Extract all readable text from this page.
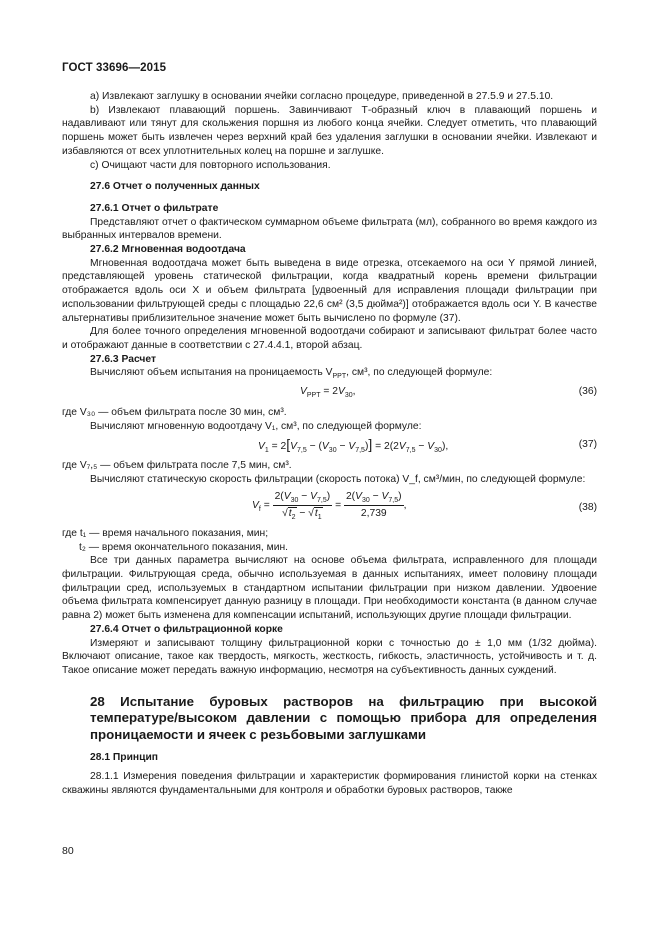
ГОСТ 33696—2015

а) Извлекают заглушку в основании ячейки согласно процедуре, приведенной в 27.5.9 и 27.5.10.

b) Извлекают плавающий поршень. Завинчивают Т-образный ключ в плавающий поршень и надавливают или тянут для скольжения поршня из любого конца ячейки. Следует отметить, что плавающий поршень может быть извлечен через верхний край без удаления заглушки в основании ячейки. Извлекают и избавляются от всех уплотнительных колец на поршне и заглушке.

с) Очищают части для повторного использования.

27.6 Отчет о полученных данных

27.6.1 Отчет о фильтрате

Представляют отчет о фактическом суммарном объеме фильтрата (мл), собранного во время каждого из выбранных интервалов времени.

27.6.2 Мгновенная водоотдача

Мгновенная водоотдача может быть выведена в виде отрезка, отсекаемого на оси Y прямой линией, представляющей уровень статической фильтрации, когда квадратный корень времени фильтрации отображается вдоль оси X и объем фильтрата [удвоенный для исправления площади фильтрации при использовании фильтрующей среды с площадью 22,6 см² (3,5 дюйма²)] отображается вдоль оси Y. В качестве альтернативы приблизительное значение может быть вычислено по формуле (37).

Для более точного определения мгновенной водоотдачи собирают и записывают фильтрат более часто и отображают данные в соответствии с 27.4.4.1, второй абзац.

27.6.3 Расчет

Вычисляют объем испытания на проницаемость $V_{PPT}$, см³, по следующей формуле:

$V_{PPT} = 2V_{30}$,	(36)

где V₃₀ — объем фильтрата после 30 мин, см³.

Вычисляют мгновенную водоотдачу V₁, см³, по следующей формуле:

$V_1 = 2[V_{7,5} - (V_{30} - V_{7,5})] = 2(2V_{7,5} - V_{30})$,	(37)

где V₇,₅ — объем фильтрата после 7,5 мин, см³.

Вычисляют статическую скорость фильтрации (скорость потока) V_f, см³/мин, по следующей формуле:

$V_f = \frac{2(V_{30} - V_{7,5})}{√t_2 - √t_1} = \frac{2(V_{30} - V_{7,5})}{2,739}$ ,	(38)

где t₁ — время начального показания, мин;

t₂ — время окончательного показания, мин.

Все три данных параметра вычисляют на основе объема фильтрата, исправленного для площади фильтрации. Фильтрующая среда, обычно используемая в данных испытаниях, имеет половину площади фильтрации сред, используемых в стандартном испытании фильтрации при низком давлении. Удвоение объема фильтрата компенсирует данную разницу в площади. При необходимости константа (в данном случае равна 2) может быть изменена для компенсации испытаний, использующих другие площади фильтрации.

27.6.4 Отчет о фильтрационной корке

Измеряют и записывают толщину фильтрационной корки с точностью до ± 1,0 мм (1/32 дюйма). Включают описание, такое как твердость, мягкость, жесткость, гибкость, эластичность, устойчивость и т. д. Такое описание может передать важную информацию, несмотря на субъективность данных суждений.

28 Испытание буровых растворов на фильтрацию при высокой температуре/высоком давлении с помощью прибора для определения проницаемости и ячеек с резьбовыми заглушками

28.1 Принцип

28.1.1 Измерения поведения фильтрации и характеристик формирования глинистой корки на стенках скважины являются фундаментальными для контроля и обработки буровых растворов, также

80
